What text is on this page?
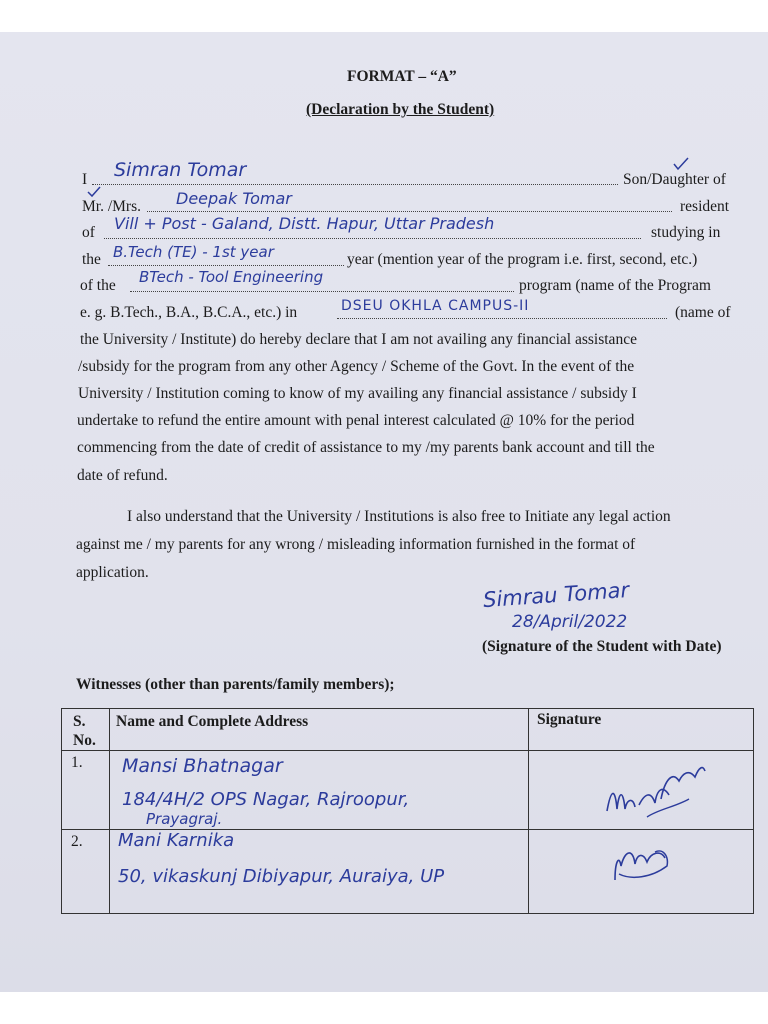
FORMAT – “A”
(Declaration by the Student)
I Simran Tomar	Son/Daughter of
Mr. /Mrs. Deepak Tomar	resident
of Vill + Post - Galand, Distt. Hapur, Uttar Pradesh	studying in
the B.Tech (TE) - 1st year	year (mention year of the program i.e. first, second, etc.)
of the BTech - Tool Engineering	program (name of the Program
e. g. B.Tech., B.A., B.C.A., etc.) in	DSEU OKHLA CAMPUS-II	(name of
the University / Institute) do hereby declare that I am not availing any financial assistance
/subsidy for the program from any other Agency / Scheme of the Govt. In the event of the
University / Institution coming to know of my availing any financial assistance / subsidy I
undertake to refund the entire amount with penal interest calculated @ 10% for the period
commencing from the date of credit of assistance to my /my parents bank account and till the
date of refund.
I also understand that the University / Institutions is also free to Initiate any legal action
against me / my parents for any wrong / misleading information furnished in the format of
application.
Simrau Tomar
28/April/2022
(Signature of the Student with Date)
Witnesses (other than parents/family members);
S. No.	Name and Complete Address	Signature

1.	Mansi Bhatnagar
184/4H/2 OPS Nagar, Rajroopur,
Prayagraj.

2.	Mani Karnika
50, vikaskunj Dibiyapur, Auraiya, UP
